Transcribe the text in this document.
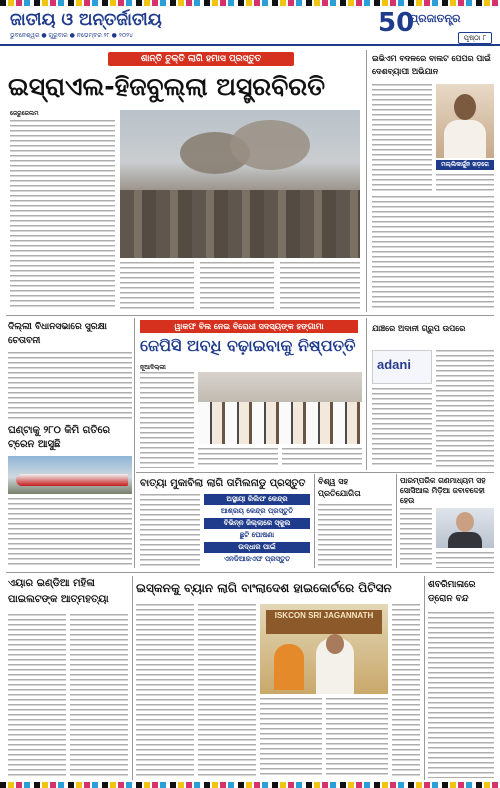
ଜାତୀୟ ଓ ଅନ୍ତର୍ଜାତୀୟ
ଭୁବନେଶ୍ୱର ● ଗୁରୁବାର ● ନଭେମ୍ବର ୨୮ ● ୨୦୨୪	50
ପ୍ରଜାତନ୍ତ୍ର
ପୃଷ୍ଠା ୮
ଶାନ୍ତି ଚୁକ୍ତି ଲାଗି ହମାସ ପ୍ରସ୍ତୁତ
ଇସ୍ରାଏଲ-ହିଜବୁଲ୍ଲା ଅସ୍ତ୍ରବିରତି
ଜେରୁଜେଲମ
ଇଭିଏମ ବଦଳରେ ବାଲଟ ପେପର ପାଇଁ ଦେଶବ୍ୟାପୀ ଅଭିଯାନ
ମଲ୍ଲିକାର୍ଜୁନ ଖଡ଼ଗେ
ୱାକଫ ବିଲ ନେଇ ବିରୋଧୀ ସଦସ୍ୟଙ୍କ ହଙ୍ଗାମା
ଜେପିସି ଅବଧି ବଢ଼ାଇବାକୁ ନିଷ୍ପତ୍ତି
ନୂଆଦିଲ୍ଲୀ
ଯାଞ୍ଚରେ ଅଦାନୀ ଗ୍ରୁପ ଉପରେ
adani
ଦିଲ୍ଲୀ ବିଧାନସଭାରେ ସୁରକ୍ଷା ଚେତାବନୀ
ଘଣ୍ଟାକୁ ୨୮୦ କିମି ଗତିରେ ଟ୍ରେନ ଆସୁଛି
ବାତ୍ୟା ମୁକାବିଲା ଲାଗି ତାମିଲନାଡୁ ପ୍ରସ୍ତୁତ
ଅସ୍ଥାୟୀ ରିଲିଫ କେନ୍ଦ୍ର
ଆଶ୍ରୟ କେନ୍ଦ୍ର ପ୍ରସ୍ତୁତି
ବିଭିନ୍ନ ଜିଲ୍ଲାରେ ସ୍କୁଲ
ଛୁଟି ଘୋଷଣା
ଉଦ୍ଧାର ପାଇଁ
ଏନଡିଆରଏଫ ପ୍ରସ୍ତୁତ
ବିଶ୍ୱ ସହ ପ୍ରତିଯୋଗିତା
ପାରମ୍ପରିକ ଗଣମାଧ୍ୟମ ସହ ସୋସିଆଲ ମିଡ଼ିଆ ଜବାବଦେହୀ ହେଉ
ଏୟାର ଇଣ୍ଡିଆ ମହିଳା ପାଇଲଟଙ୍କ ଆତ୍ମହତ୍ୟା
ଇସ୍କନକୁ ବ୍ୟାନ ଲାଗି ବାଂଲାଦେଶ ହାଇକୋର୍ଟରେ ପିଟିସନ
ISKCON SRI JAGANNATH
ଶବରିମାଳାରେ ଡ୍ରୋନ ବନ୍ଦ
